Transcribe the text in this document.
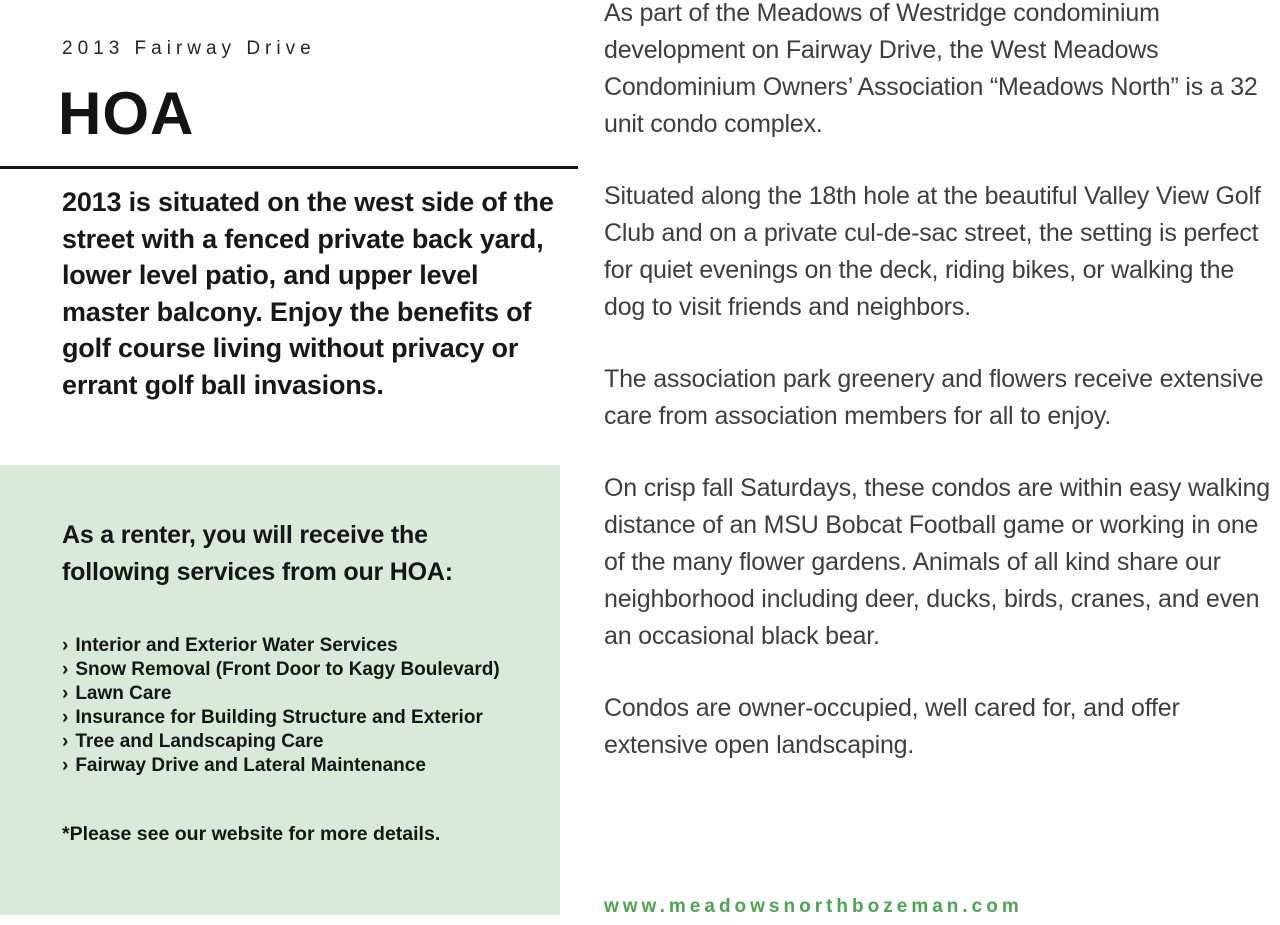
2013 Fairway Drive
HOA
2013 is situated on the west side of the street with a fenced private back yard, lower level patio, and upper level master balcony. Enjoy the benefits of golf course living without privacy or errant golf ball invasions.
As a renter, you will receive the following services from our HOA:
› Interior and Exterior Water Services
› Snow Removal (Front Door to Kagy Boulevard)
› Lawn Care
› Insurance for Building Structure and Exterior
› Tree and Landscaping Care
› Fairway Drive and Lateral Maintenance
*Please see our website for more details.

As part of the Meadows of Westridge condominium development on Fairway Drive, the West Meadows Condominium Owners’ Association “Meadows North” is a 32 unit condo complex.

Situated along the 18th hole at the beautiful Valley View Golf Club and on a private cul-de-sac street, the setting is perfect for quiet evenings on the deck, riding bikes, or walking the dog to visit friends and neighbors.

The association park greenery and flowers receive extensive care from association members for all to enjoy.

On crisp fall Saturdays, these condos are within easy walking distance of an MSU Bobcat Football game or working in one of the many flower gardens. Animals of all kind share our neighborhood including deer, ducks, birds, cranes, and even an occasional black bear.

Condos are owner-occupied, well cared for, and offer extensive open landscaping.

www.meadowsnorthbozeman.com
